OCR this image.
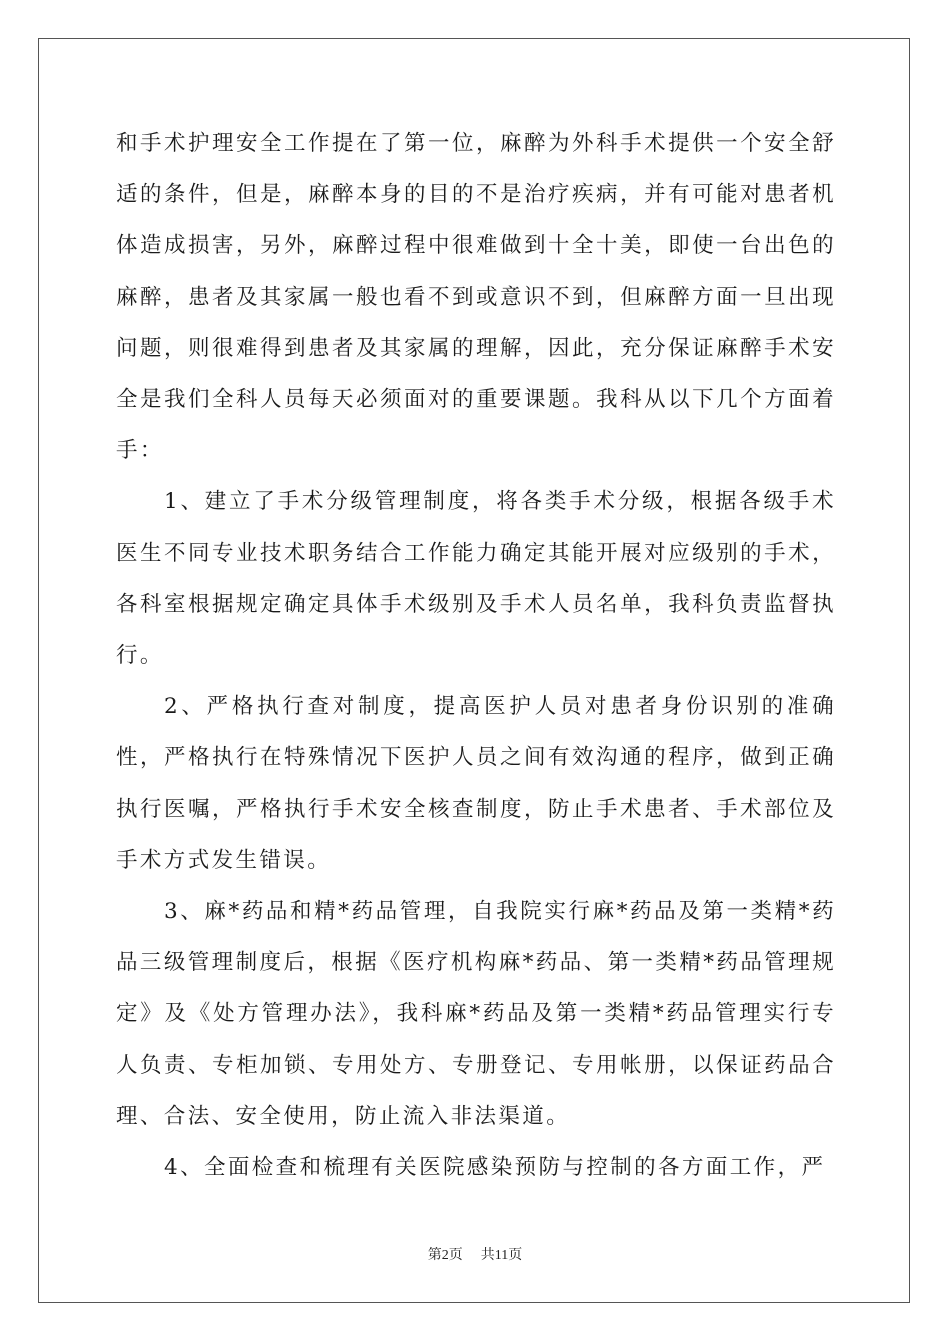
和手术护理安全工作提在了第一位，麻醉为外科手术提供一个安全舒适的条件，但是，麻醉本身的目的不是治疗疾病，并有可能对患者机体造成损害，另外，麻醉过程中很难做到十全十美，即使一台出色的麻醉，患者及其家属一般也看不到或意识不到，但麻醉方面一旦出现问题，则很难得到患者及其家属的理解，因此，充分保证麻醉手术安全是我们全科人员每天必须面对的重要课题。我科从以下几个方面着手：

1、建立了手术分级管理制度，将各类手术分级，根据各级手术医生不同专业技术职务结合工作能力确定其能开展对应级别的手术，各科室根据规定确定具体手术级别及手术人员名单，我科负责监督执行。

2、严格执行查对制度，提高医护人员对患者身份识别的准确性，严格执行在特殊情况下医护人员之间有效沟通的程序，做到正确执行医嘱，严格执行手术安全核查制度，防止手术患者、手术部位及手术方式发生错误。

3、麻*药品和精*药品管理，自我院实行麻*药品及第一类精*药品三级管理制度后，根据《医疗机构麻*药品、第一类精*药品管理规定》及《处方管理办法》，我科麻*药品及第一类精*药品管理实行专人负责、专柜加锁、专用处方、专册登记、专用帐册，以保证药品合理、合法、安全使用，防止流入非法渠道。

4、全面检查和梳理有关医院感染预防与控制的各方面工作，严

第2页 共11页
